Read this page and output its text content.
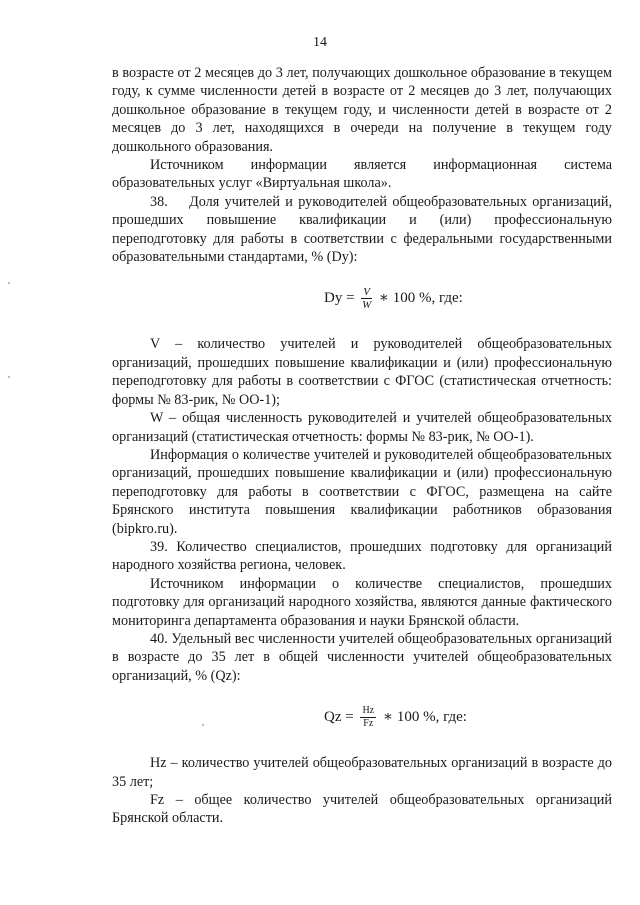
14

в возрасте от 2 месяцев до 3 лет, получающих дошкольное образование в текущем году, к сумме численности детей в возрасте от 2 месяцев до 3 лет, получающих дошкольное образование в текущем году, и численности детей в возрасте от 2 месяцев до 3 лет, находящихся в очереди на получение в текущем году дошкольного образования.

Источником информации является информационная система образовательных услуг «Виртуальная школа».

38.    Доля учителей и руководителей общеобразовательных организаций, прошедших повышение квалификации и (или) профессиональную переподготовку для работы в соответствии с федеральными государственными образовательными стандартами, % (Dy):

$Dy = \frac{V}{W}$ ∗ 100 %, где:

V – количество учителей и руководителей общеобразовательных организаций, прошедших повышение квалификации и (или) профессиональную переподготовку для работы в соответствии с ФГОС (статистическая отчетность: формы № 83-рик, № ОО-1);

W – общая численность руководителей и учителей общеобразовательных организаций (статистическая отчетность: формы № 83-рик, № ОО-1).

Информация о количестве учителей и руководителей общеобразовательных организаций, прошедших повышение квалификации и (или) профессиональную переподготовку для работы в соответствии с ФГОС, размещена на сайте Брянского института повышения квалификации работников образования (bipkro.ru).

39. Количество специалистов, прошедших подготовку для организаций народного хозяйства региона, человек.

Источником информации о количестве специалистов, прошедших подготовку для организаций народного хозяйства, являются данные фактического мониторинга департамента образования и науки Брянской области.

40. Удельный вес численности учителей общеобразовательных организаций в возрасте до 35 лет в общей численности учителей общеобразовательных организаций, % (Qz):

$Qz = \frac{Hz}{Fz}$ ∗ 100 %, где:

Hz – количество учителей общеобразовательных организаций в возрасте до 35 лет;

Fz – общее количество учителей общеобразовательных организаций Брянской области.
